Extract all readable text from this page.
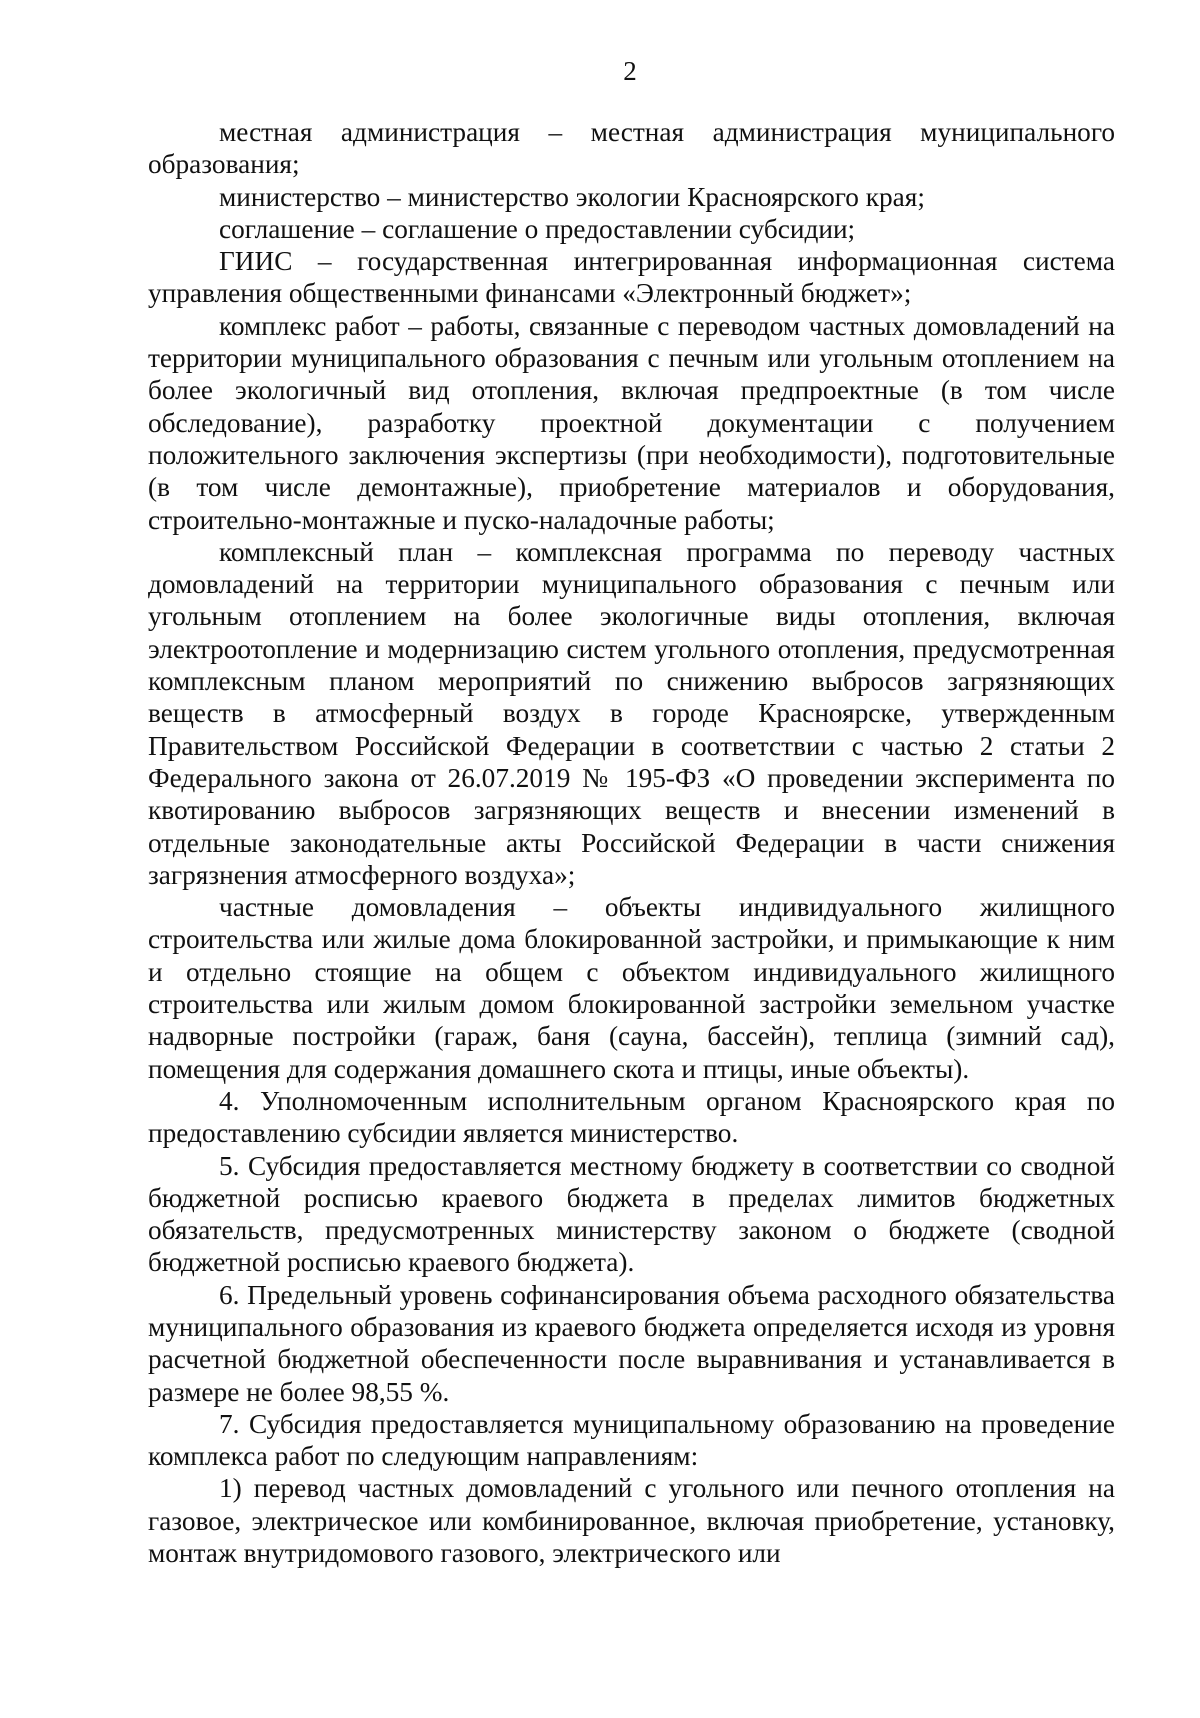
2

местная администрация – местная администрация муниципального образования;

министерство – министерство экологии Красноярского края;

соглашение – соглашение о предоставлении субсидии;

ГИИС – государственная интегрированная информационная система управления общественными финансами «Электронный бюджет»;

комплекс работ – работы, связанные с переводом частных домовладений на территории муниципального образования с печным или угольным отоплением на более экологичный вид отопления, включая предпроектные (в том числе обследование), разработку проектной документации с получением положительного заключения экспертизы (при необходимости), подготовительные (в том числе демонтажные), приобретение материалов и оборудования, строительно-монтажные и пуско-наладочные работы;

комплексный план – комплексная программа по переводу частных домовладений на территории муниципального образования с печным или угольным отоплением на более экологичные виды отопления, включая электроотопление и модернизацию систем угольного отопления, предусмотренная комплексным планом мероприятий по снижению выбросов загрязняющих веществ в атмосферный воздух в городе Красноярске, утвержденным Правительством Российской Федерации в соответствии с частью 2 статьи 2 Федерального закона от 26.07.2019 № 195-ФЗ «О проведении эксперимента по квотированию выбросов загрязняющих веществ и внесении изменений в отдельные законодательные акты Российской Федерации в части снижения загрязнения атмосферного воздуха»;

частные домовладения – объекты индивидуального жилищного строительства или жилые дома блокированной застройки, и примыкающие к ним и отдельно стоящие на общем с объектом индивидуального жилищного строительства или жилым домом блокированной застройки земельном участке надворные постройки (гараж, баня (сауна, бассейн), теплица (зимний сад), помещения для содержания домашнего скота и птицы, иные объекты).

4. Уполномоченным исполнительным органом Красноярского края по предоставлению субсидии является министерство.

5. Субсидия предоставляется местному бюджету в соответствии со сводной бюджетной росписью краевого бюджета в пределах лимитов бюджетных обязательств, предусмотренных министерству законом о бюджете (сводной бюджетной росписью краевого бюджета).

6. Предельный уровень софинансирования объема расходного обязательства муниципального образования из краевого бюджета определяется исходя из уровня расчетной бюджетной обеспеченности после выравнивания и устанавливается в размере не более 98,55 %.

7. Субсидия предоставляется муниципальному образованию на проведение комплекса работ по следующим направлениям:

1) перевод частных домовладений с угольного или печного отопления на газовое, электрическое или комбинированное, включая приобретение, установку, монтаж внутридомового газового, электрического или
